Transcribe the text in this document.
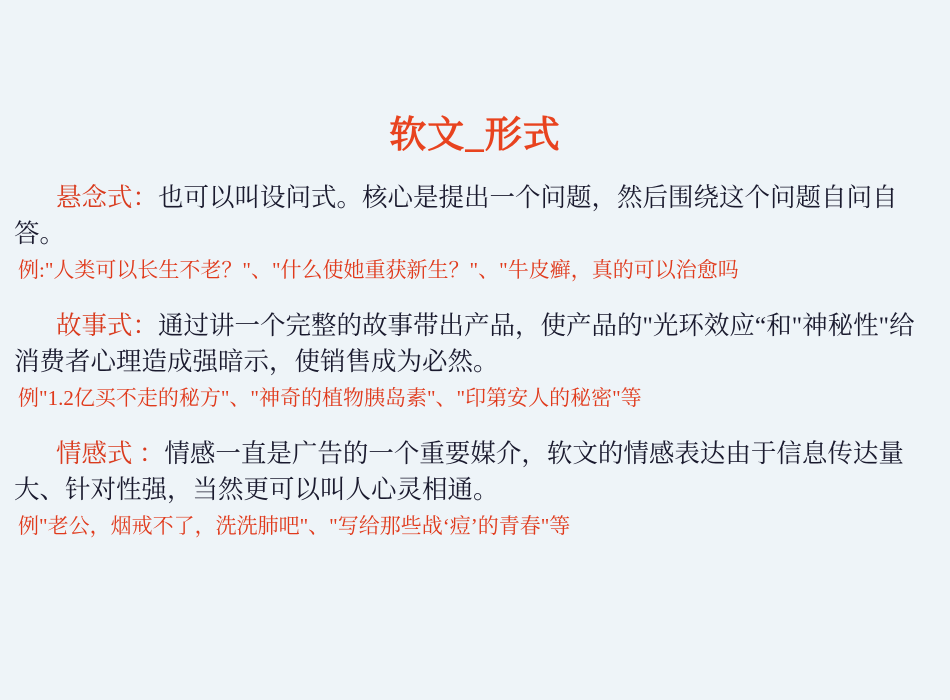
软文_形式
悬念式：也可以叫设问式。核心是提出一个问题，然后围绕这个问题自问自答。
例:"人类可以长生不老？"、"什么使她重获新生？"、"牛皮癣，真的可以治愈吗
故事式：通过讲一个完整的故事带出产品，使产品的"光环效应“和"神秘性"给消费者心理造成强暗示，使销售成为必然。
例"1.2亿买不走的秘方"、"神奇的植物胰岛素"、"印第安人的秘密"等
情感式 ：情感一直是广告的一个重要媒介，软文的情感表达由于信息传达量大、针对性强，当然更可以叫人心灵相通。
例"老公，烟戒不了，洗洗肺吧"、"写给那些战‘痘’的青春"等
